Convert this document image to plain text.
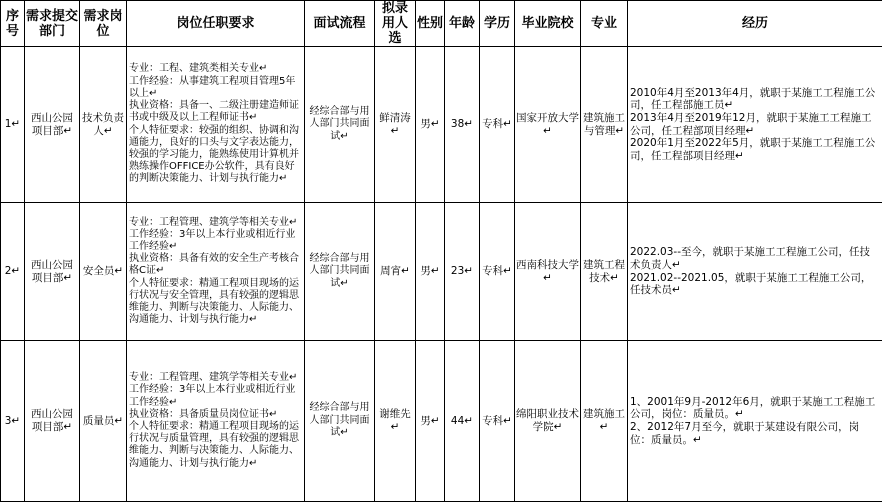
序号	需求提交部门	需求岗位	岗位任职要求	面试流程	拟录用人选	性别	年龄	学历	毕业院校	专业	经历
1↵	西山公园项目部↵	技术负责人↵	专业：工程、建筑类相关专业↵
工作经验：从事建筑工程项目管理5年以上↵
执业资格：具备一、二级注册建造师证书或中级及以上工程师证书↵
个人特征要求：较强的组织、协调和沟通能力，良好的口头与文字表达能力，较强的学习能力，能熟练使用计算机并熟练操作OFFICE办公软件，具有良好的判断决策能力、计划与执行能力↵	经综合部与用人部门共同面试↵	鲜清涛↵	男↵	38↵	专科↵	国家开放大学↵	建筑施工与管理↵	2010年4月至2013年4月，就职于某施工工程施工公司，任工程部施工员↵
2013年4月至2019年12月，就职于某施工工程施工公司，任工程部项目经理↵
2020年1月至2022年5月，就职于某施工工程施工公司，任工程部项目经理↵
2↵	西山公园项目部↵	安全员↵	专业：工程管理、建筑学等相关专业↵
工作经验：3年以上本行业或相近行业工作经验↵
执业资格：具备有效的安全生产考核合格C证↵
个人特征要求：精通工程项目现场的运行状况与安全管理，具有较强的逻辑思维能力、判断与决策能力、人际能力、沟通能力、计划与执行能力↵	经综合部与用人部门共同面试↵	周宵↵	男↵	23↵	专科↵	西南科技大学↵	建筑工程技术↵	2022.03--至今，就职于某施工工程施工公司，任技术负责人↵
2021.02--2021.05，就职于某施工工程施工公司，任技术员↵
3↵	西山公园项目部↵	质量员↵	专业：工程管理、建筑学等相关专业↵
工作经验：3年以上本行业或相近行业工作经验↵
执业资格：具备质量员岗位证书↵
个人特征要求：精通工程项目现场的运行状况与质量管理，具有较强的逻辑思维能力、判断与决策能力、人际能力、沟通能力、计划与执行能力↵	经综合部与用人部门共同面试↵	谢维先↵	男↵	44↵	专科↵	绵阳职业技术学院↵	建筑施工↵	1、2001年9月-2012年6月，就职于某施工工程施工公司，岗位：质量员。↵
2、2012年7月至今，就职于某建设有限公司，岗位：质量员。↵
